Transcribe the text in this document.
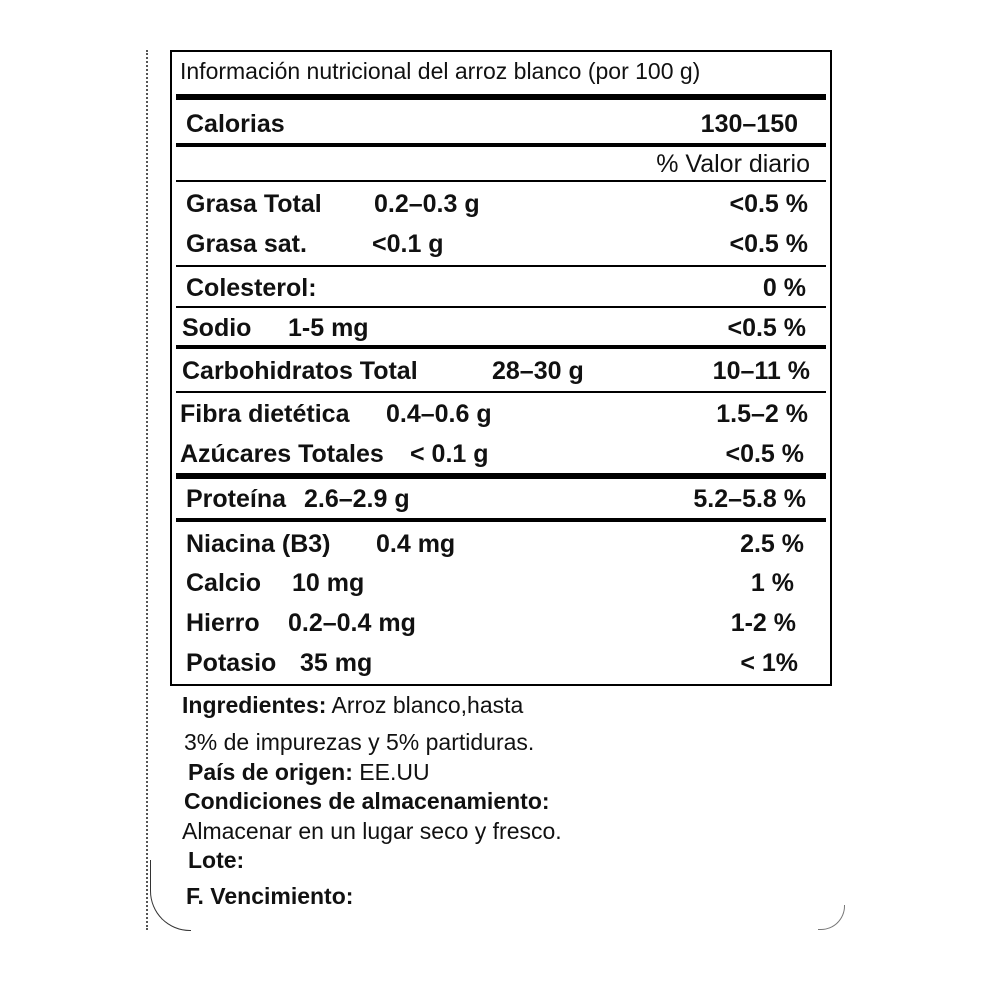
Información nutricional del arroz blanco (por 100 g)
Calorias	130–150
% Valor diario
Grasa Total 0.2–0.3 g	<0.5 %
Grasa sat.	<0.1 g	<0.5 %
Colesterol:	0 %
Sodio 1-5 mg	<0.5 %
Carbohidratos Total	28–30 g	10–11 %
Fibra dietética 0.4–0.6 g	1.5–2 %
Azúcares Totales < 0.1 g	<0.5 %
Proteína 2.6–2.9 g	5.2–5.8 %
Niacina (B3) 0.4 mg	2.5 %
Calcio 10 mg	1 %
Hierro 0.2–0.4 mg	1-2 %
Potasio 35 mg	< 1%
Ingredientes: Arroz blanco,hasta
3% de impurezas y 5% partiduras.
País de origen: EE.UU
Condiciones de almacenamiento:
Almacenar en un lugar seco y fresco.
Lote:
F. Vencimiento:
